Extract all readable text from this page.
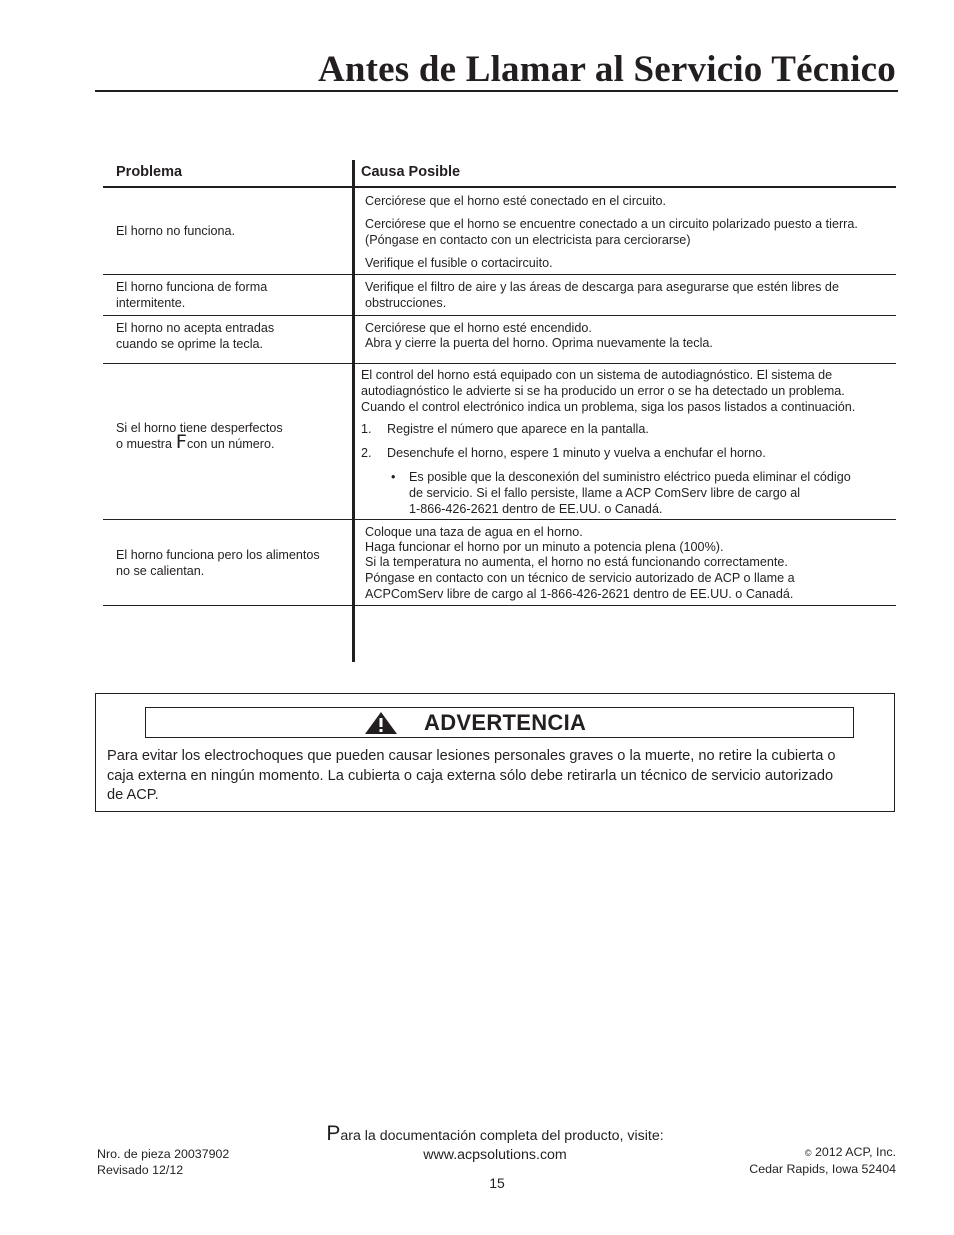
Antes de Llamar al Servicio Técnico
Problema	Causa Posible
El horno no funciona.
Cerciórese que el horno esté conectado en el circuito.
Cerciórese que el horno se encuentre conectado a un circuito polarizado puesto a tierra.
(Póngase en contacto con un electricista para cerciorarse)
Verifique el fusible o cortacircuito.
El horno funciona de forma
intermitente.
Verifique el filtro de aire y las áreas de descarga para asegurarse que estén libres de
obstrucciones.
El horno no acepta entradas
cuando se oprime la tecla.
Cerciórese que el horno esté encendido.
Abra y cierre la puerta del horno. Oprima nuevamente la tecla.
Si el horno tiene desperfectos
o muestra Fcon un número.
El control del horno está equipado con un sistema de autodiagnóstico. El sistema de
autodiagnóstico le advierte si se ha producido un error o se ha detectado un problema.
Cuando el control electrónico indica un problema, siga los pasos listados a continuación.
1. Registre el número que aparece en la pantalla.
2. Desenchufe el horno, espere 1 minuto y vuelva a enchufar el horno.
• Es posible que la desconexión del suministro eléctrico pueda eliminar el código
de servicio. Si el fallo persiste, llame a ACP ComServ libre de cargo al
1-866-426-2621 dentro de EE.UU. o Canadá.
El horno funciona pero los alimentos
no se calientan.
Coloque una taza de agua en el horno.
Haga funcionar el horno por un minuto a potencia plena (100%).
Si la temperatura no aumenta, el horno no está funcionando correctamente.
Póngase en contacto con un técnico de servicio autorizado de ACP o llame a
ACPComServ libre de cargo al 1-866-426-2621 dentro de EE.UU. o Canadá.
ADVERTENCIA
Para evitar los electrochoques que pueden causar lesiones personales graves o la muerte, no retire la cubierta o
caja externa en ningún momento. La cubierta o caja externa sólo debe retirarla un técnico de servicio autorizado
de ACP.
Nro. de pieza 20037902
Revisado 12/12
Para la documentación completa del producto, visite:
www.acpsolutions.com
15
© 2012 ACP, Inc.
Cedar Rapids, Iowa 52404
